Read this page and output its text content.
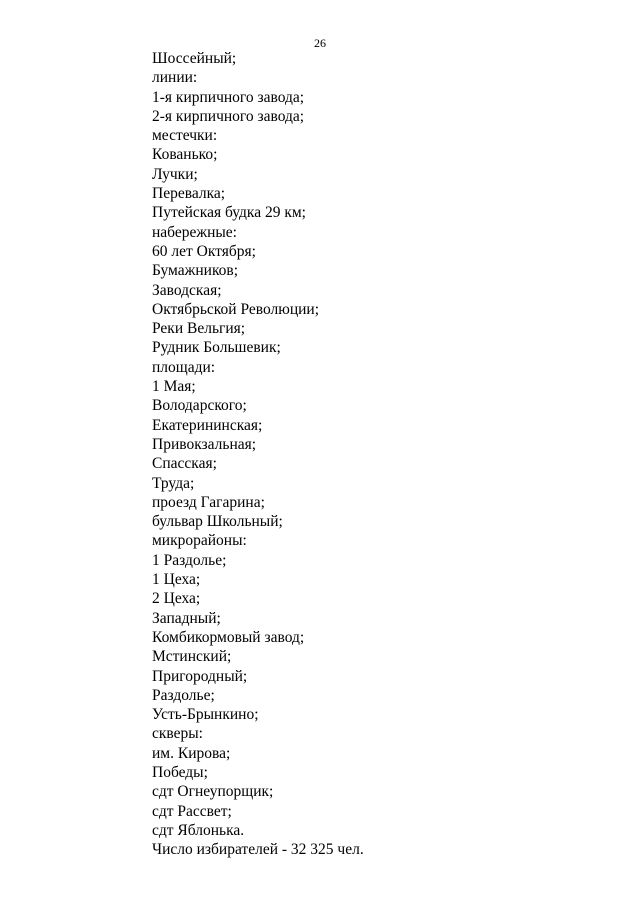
26
Шоссейный;
линии:
1-я кирпичного завода;
2-я кирпичного завода;
местечки:
Кованько;
Лучки;
Перевалка;
Путейская будка 29 км;
набережные:
60 лет Октября;
Бумажников;
Заводская;
Октябрьской Революции;
Реки Вельгия;
Рудник Большевик;
площади:
1 Мая;
Володарского;
Екатерининская;
Привокзальная;
Спасская;
Труда;
проезд Гагарина;
бульвар Школьный;
микрорайоны:
1 Раздолье;
1 Цеха;
2 Цеха;
Западный;
Комбикормовый завод;
Мстинский;
Пригородный;
Раздолье;
Усть-Брынкино;
скверы:
им. Кирова;
Победы;
сдт Огнеупорщик;
сдт Рассвет;
сдт Яблонька.
Число избирателей - 32 325 чел.
